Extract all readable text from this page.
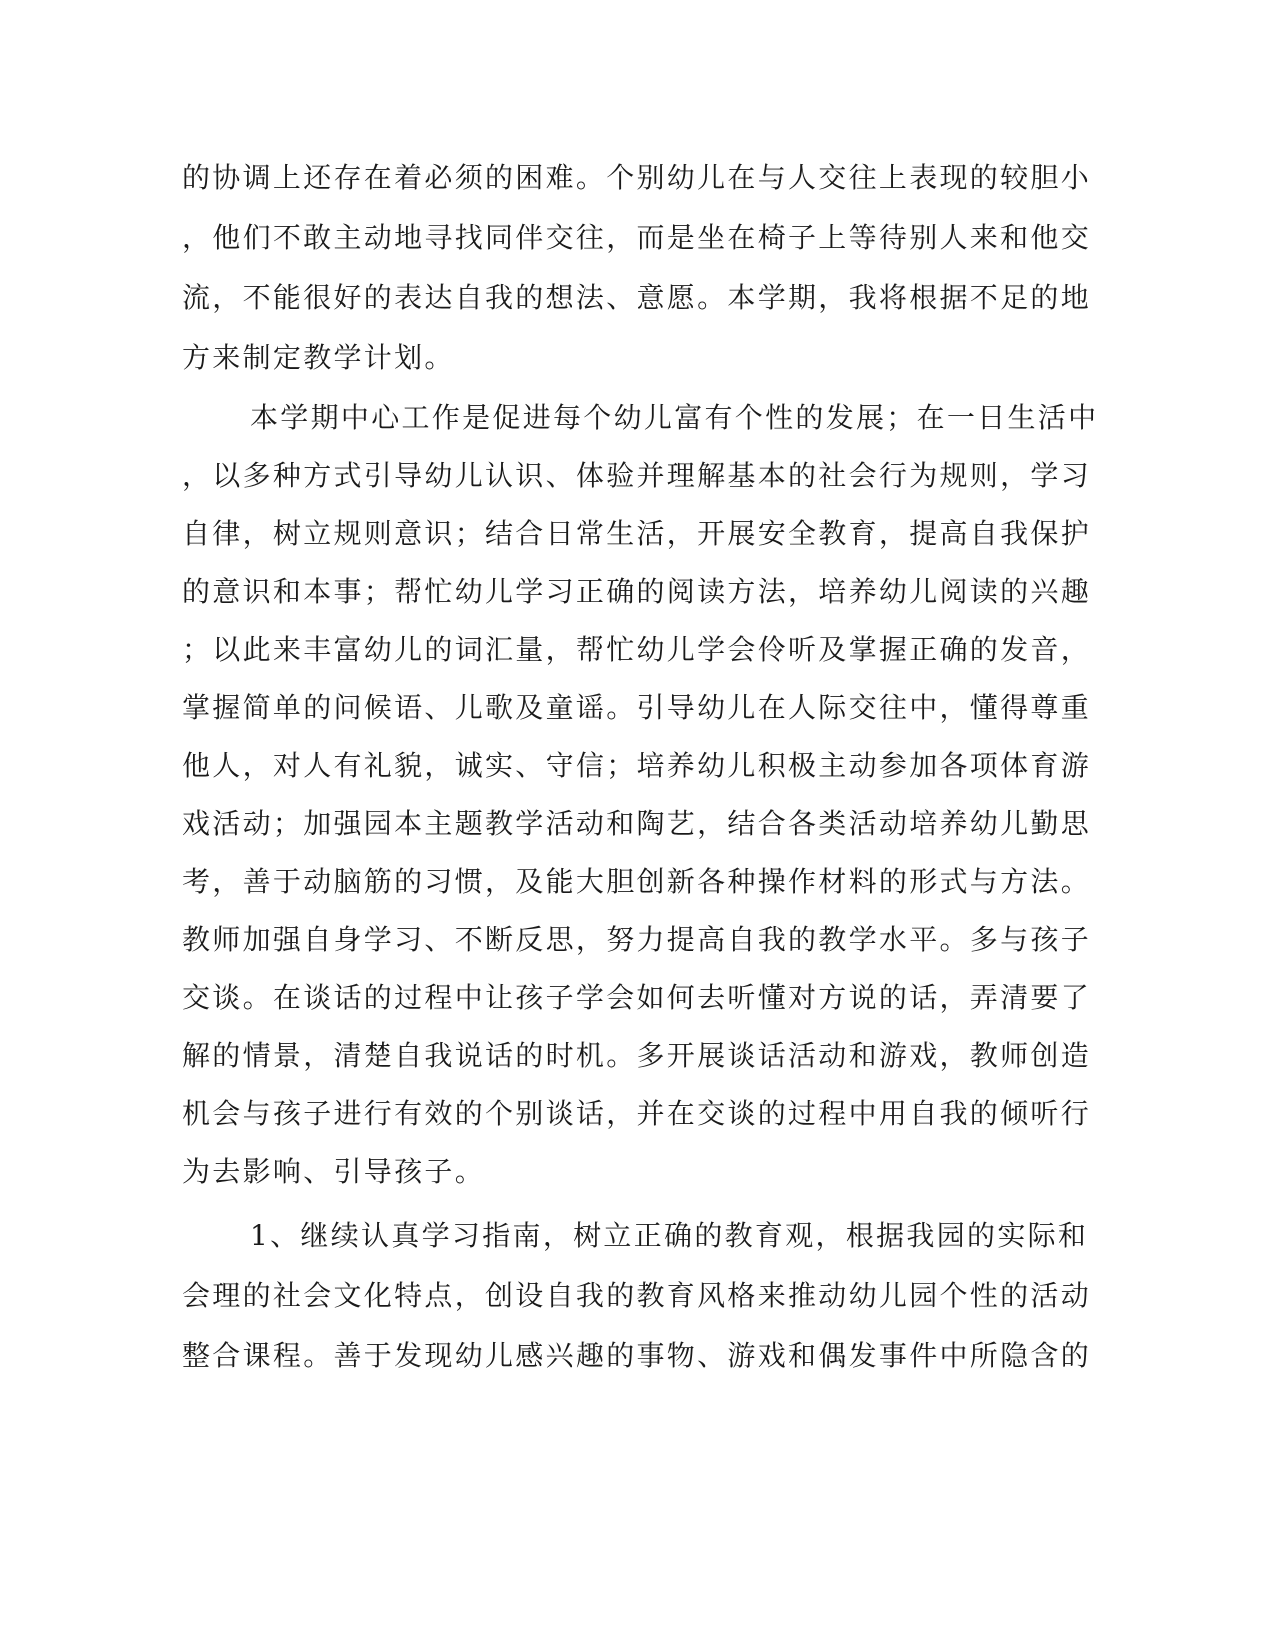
的协调上还存在着必须的困难。个别幼儿在与人交往上表现的较胆小
，他们不敢主动地寻找同伴交往，而是坐在椅子上等待别人来和他交
流，不能很好的表达自我的想法、意愿。本学期，我将根据不足的地
方来制定教学计划。
本学期中心工作是促进每个幼儿富有个性的发展；在一日生活中
，以多种方式引导幼儿认识、体验并理解基本的社会行为规则，学习
自律，树立规则意识；结合日常生活，开展安全教育，提高自我保护
的意识和本事；帮忙幼儿学习正确的阅读方法，培养幼儿阅读的兴趣
；以此来丰富幼儿的词汇量，帮忙幼儿学会伶听及掌握正确的发音，
掌握简单的问候语、儿歌及童谣。引导幼儿在人际交往中，懂得尊重
他人，对人有礼貌，诚实、守信；培养幼儿积极主动参加各项体育游
戏活动；加强园本主题教学活动和陶艺，结合各类活动培养幼儿勤思
考，善于动脑筋的习惯，及能大胆创新各种操作材料的形式与方法。
教师加强自身学习、不断反思，努力提高自我的教学水平。多与孩子
交谈。在谈话的过程中让孩子学会如何去听懂对方说的话，弄清要了
解的情景，清楚自我说话的时机。多开展谈话活动和游戏，教师创造
机会与孩子进行有效的个别谈话，并在交谈的过程中用自我的倾听行
为去影响、引导孩子。
1、继续认真学习指南，树立正确的教育观，根据我园的实际和
会理的社会文化特点，创设自我的教育风格来推动幼儿园个性的活动
整合课程。善于发现幼儿感兴趣的事物、游戏和偶发事件中所隐含的
